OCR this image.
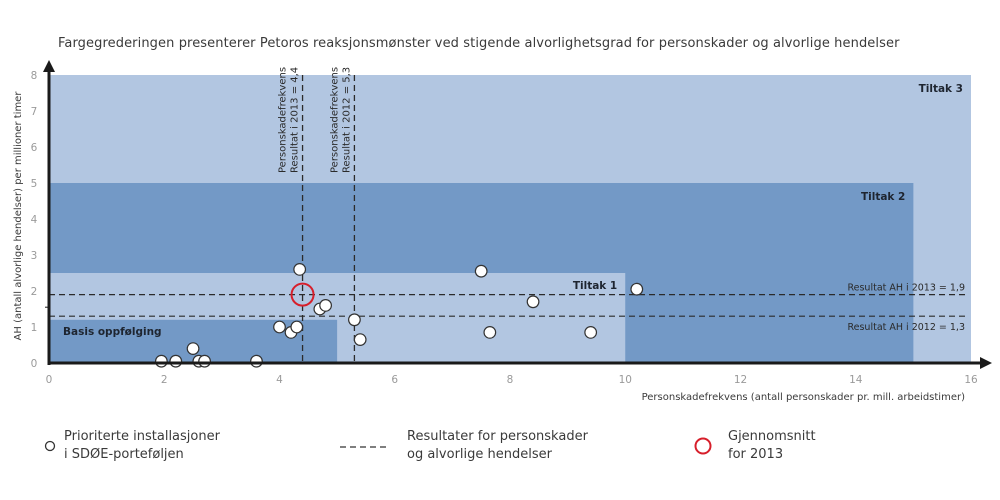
Fargegrederingen presenterer Petoros reaksjonsmønster ved stigende alvorlighetsgrad for personskader og alvorlige hendelser
0	2	4	6	8	10	12	14	16
0
1
2
3
4
5
6
7
8
Tiltak 3
Tiltak 2
Tiltak 1
Basis oppfølging
Personskadefrekvens Resultat i 2013 = 4,4	Personskadefrekvens Resultat i 2012 = 5,3
Resultat AH i 2013 = 1,9
Resultat AH i 2012 = 1,3
Personskadefrekvens (antall personskader pr. mill. arbeidstimer)
AH (antall alvorlige hendelser) per millioner timer
Prioriterte installasjoner
i SDØE-porteføljen
Resultater for personskader
og alvorlige hendelser
Gjennomsnitt
for 2013
